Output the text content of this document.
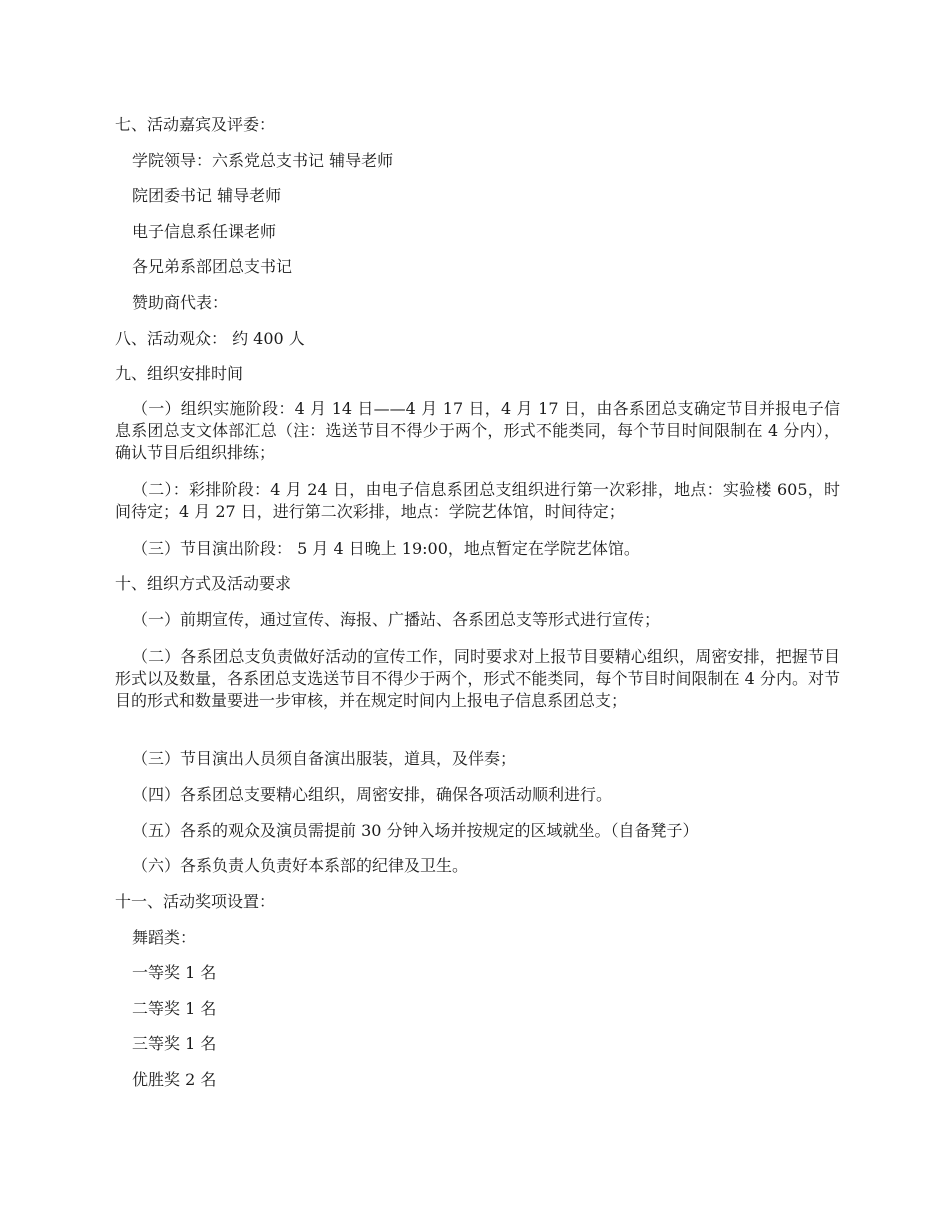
七、活动嘉宾及评委：
学院领导：六系党总支书记 辅导老师
院团委书记 辅导老师
电子信息系任课老师
各兄弟系部团总支书记
赞助商代表：
八、活动观众： 约 400 人
九、组织安排时间
（一）组织实施阶段：4 月 14 日——4 月 17 日，4 月 17 日，由各系团总支确定节目并报电子信息系团总支文体部汇总（注：选送节目不得少于两个，形式不能类同，每个节目时间限制在 4 分内），确认节目后组织排练；
（二）：彩排阶段：4 月 24 日，由电子信息系团总支组织进行第一次彩排，地点：实验楼 605，时间待定；4 月 27 日，进行第二次彩排，地点：学院艺体馆，时间待定；
（三）节目演出阶段： 5 月 4 日晚上 19:00，地点暂定在学院艺体馆。
十、组织方式及活动要求
（一）前期宣传，通过宣传、海报、广播站、各系团总支等形式进行宣传；
（二）各系团总支负责做好活动的宣传工作，同时要求对上报节目要精心组织，周密安排，把握节目形式以及数量，各系团总支选送节目不得少于两个，形式不能类同，每个节目时间限制在 4 分内。对节目的形式和数量要进一步审核，并在规定时间内上报电子信息系团总支；
（三）节目演出人员须自备演出服装，道具，及伴奏；
（四）各系团总支要精心组织，周密安排，确保各项活动顺利进行。
（五）各系的观众及演员需提前 30 分钟入场并按规定的区域就坐。（自备凳子）
（六）各系负责人负责好本系部的纪律及卫生。
十一、活动奖项设置：
舞蹈类：
一等奖 1 名
二等奖 1 名
三等奖 1 名
优胜奖 2 名
